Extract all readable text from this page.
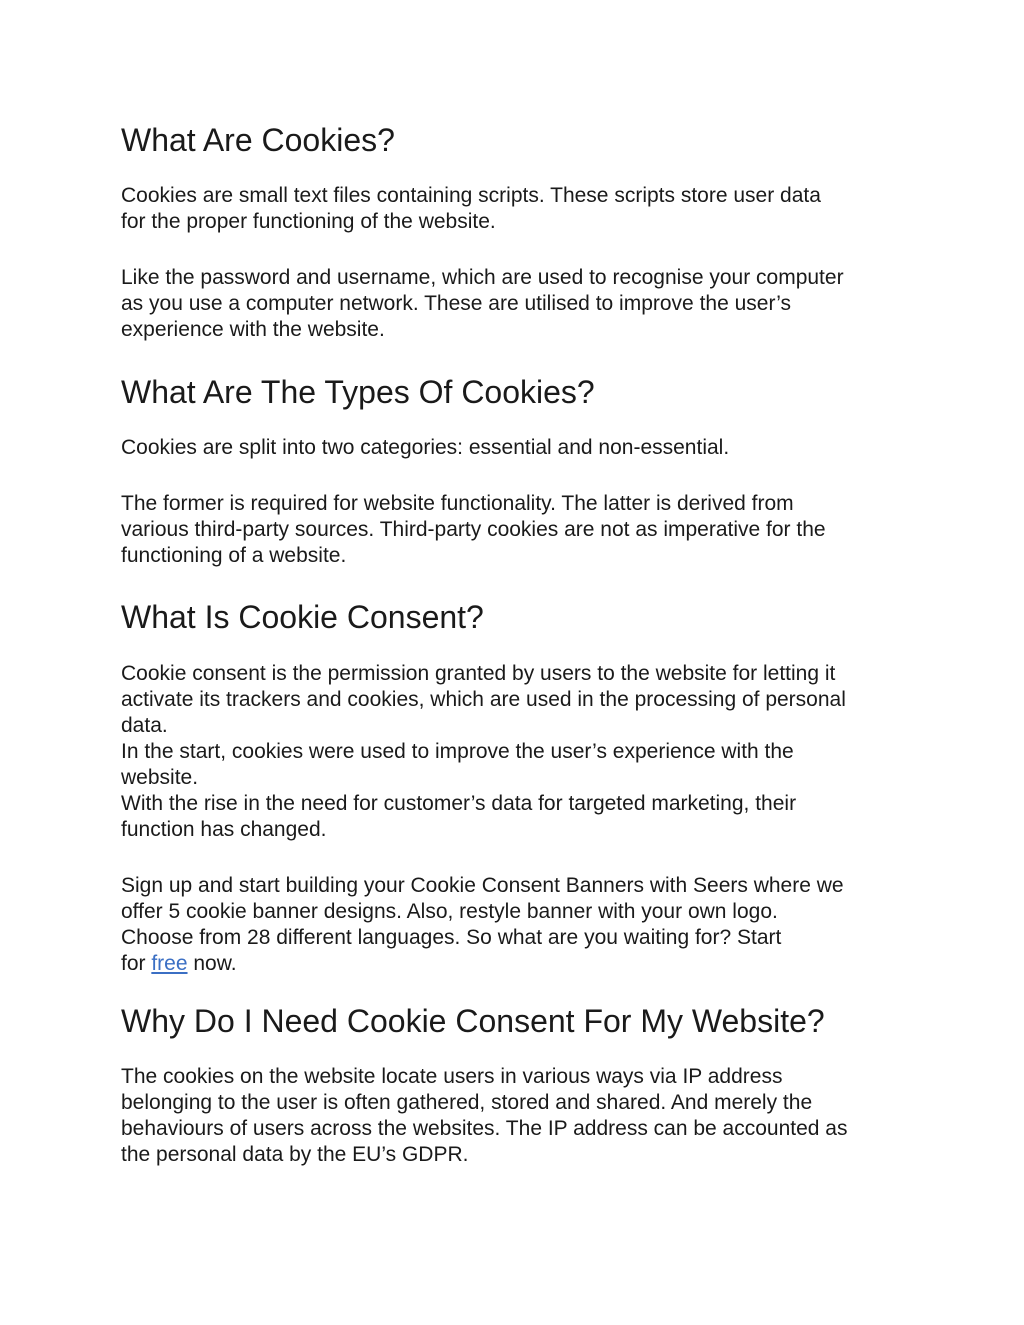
What Are Cookies?

Cookies are small text files containing scripts. These scripts store user data
for the proper functioning of the website.

Like the password and username, which are used to recognise your computer
as you use a computer network. These are utilised to improve the user’s
experience with the website.

What Are The Types Of Cookies?

Cookies are split into two categories: essential and non-essential.

The former is required for website functionality. The latter is derived from
various third-party sources. Third-party cookies are not as imperative for the
functioning of a website.

What Is Cookie Consent?

Cookie consent is the permission granted by users to the website for letting it
activate its trackers and cookies, which are used in the processing of personal
data.
In the start, cookies were used to improve the user’s experience with the
website.
With the rise in the need for customer’s data for targeted marketing, their
function has changed.

Sign up and start building your Cookie Consent Banners with Seers where we
offer 5 cookie banner designs. Also, restyle banner with your own logo.
Choose from 28 different languages. So what are you waiting for? Start
for free now.

Why Do I Need Cookie Consent For My Website?

The cookies on the website locate users in various ways via IP address
belonging to the user is often gathered, stored and shared. And merely the
behaviours of users across the websites. The IP address can be accounted as
the personal data by the EU’s GDPR.
